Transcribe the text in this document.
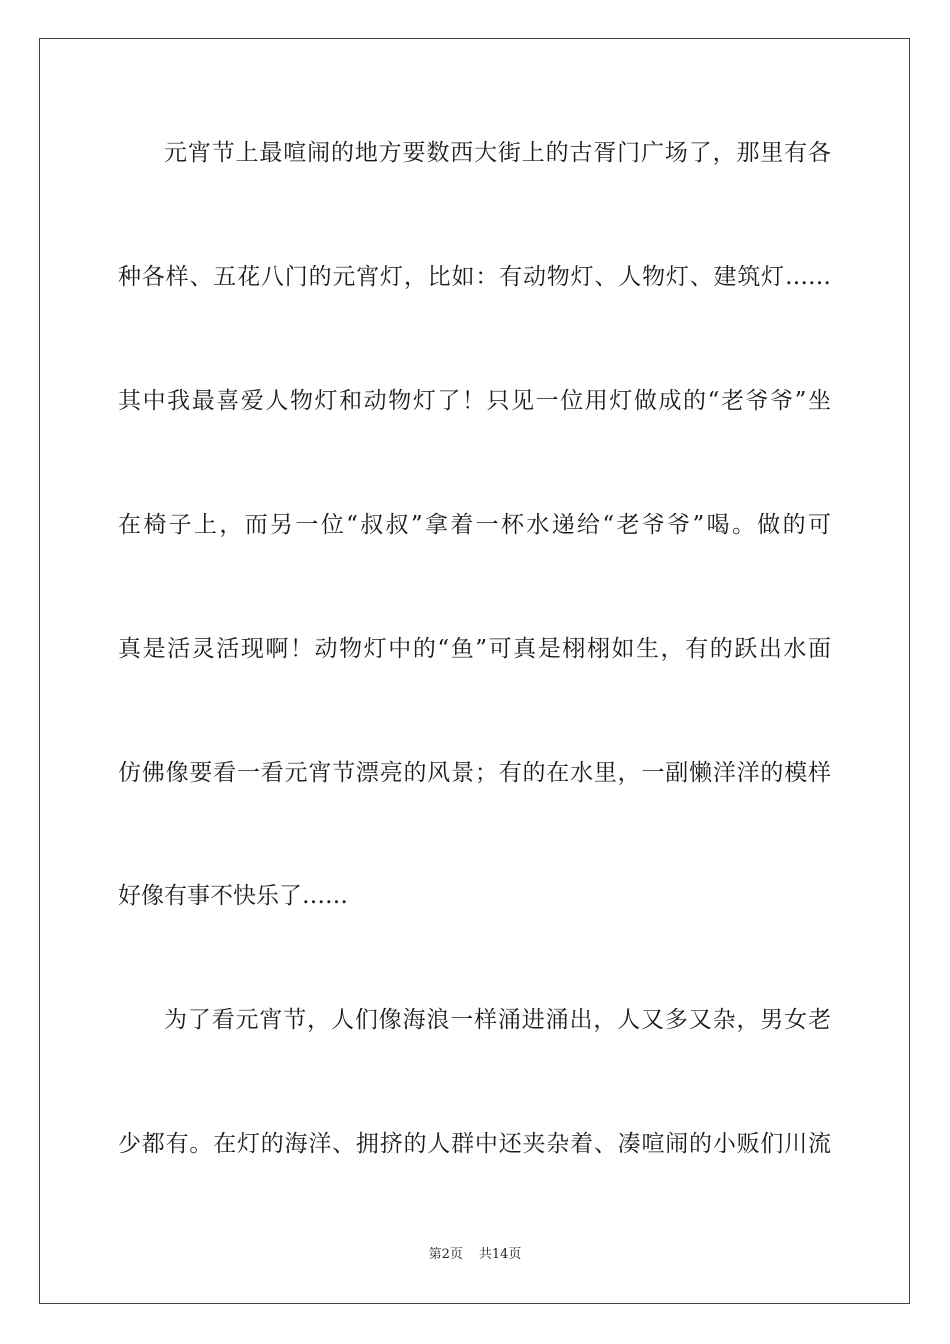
元宵节上最喧闹的地方要数西大街上的古胥门广场了，那里有各
种各样、五花八门的元宵灯，比如：有动物灯、人物灯、建筑灯……
其中我最喜爱人物灯和动物灯了！只见一位用灯做成的“老爷爷”坐
在椅子上，而另一位“叔叔”拿着一杯水递给“老爷爷”喝。做的可
真是活灵活现啊！动物灯中的“鱼”可真是栩栩如生，有的跃出水面
仿佛像要看一看元宵节漂亮的风景；有的在水里，一副懒洋洋的模样
好像有事不快乐了……
为了看元宵节，人们像海浪一样涌进涌出，人又多又杂，男女老
少都有。在灯的海洋、拥挤的人群中还夹杂着、凑喧闹的小贩们川流
第2页 共14页
